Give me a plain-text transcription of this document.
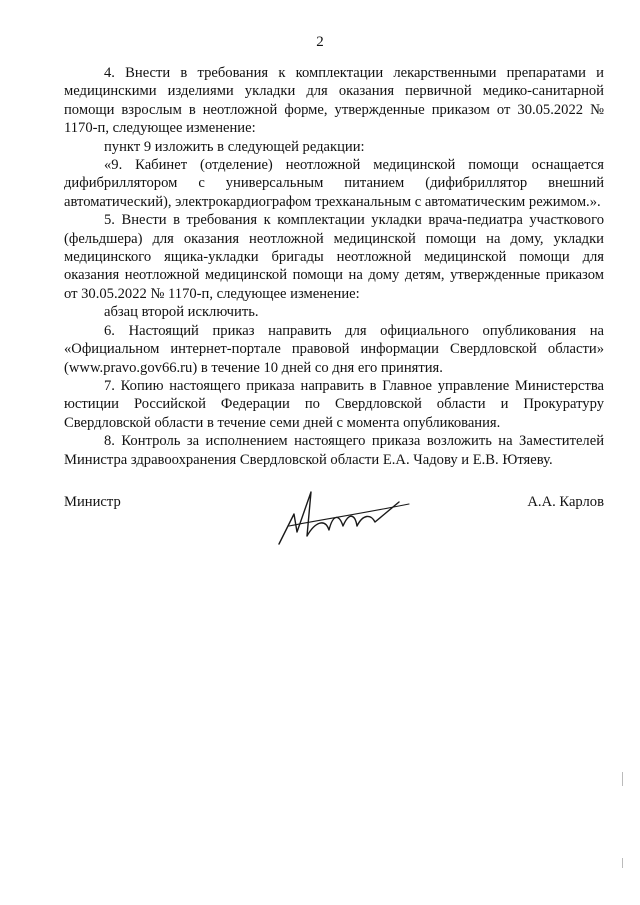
2

4. Внести в требования к комплектации лекарственными препаратами и медицинскими изделиями укладки для оказания первичной медико-санитарной помощи взрослым в неотложной форме, утвержденные приказом от 30.05.2022 № 1170-п, следующее изменение:

пункт 9 изложить в следующей редакции:

«9. Кабинет (отделение) неотложной медицинской помощи оснащается дифибриллятором с универсальным питанием (дифибриллятор внешний автоматический), электрокардиографом трехканальным с автоматическим режимом.».

5. Внести в требования к комплектации укладки врача-педиатра участкового (фельдшера) для оказания неотложной медицинской помощи на дому, укладки медицинского ящика-укладки бригады неотложной медицинской помощи для оказания неотложной медицинской помощи на дому детям, утвержденные приказом от 30.05.2022 № 1170-п, следующее изменение:

абзац второй исключить.

6. Настоящий приказ направить для официального опубликования на «Официальном интернет-портале правовой информации Свердловской области» (www.pravo.gov66.ru) в течение 10 дней со дня его принятия.

7. Копию настоящего приказа направить в Главное управление Министерства юстиции Российской Федерации по Свердловской области и Прокуратуру Свердловской области в течение семи дней с момента опубликования.

8. Контроль за исполнением настоящего приказа возложить на Заместителей Министра здравоохранения Свердловской области Е.А. Чадову и Е.В. Ютяеву.

Министр	А.А. Карлов
